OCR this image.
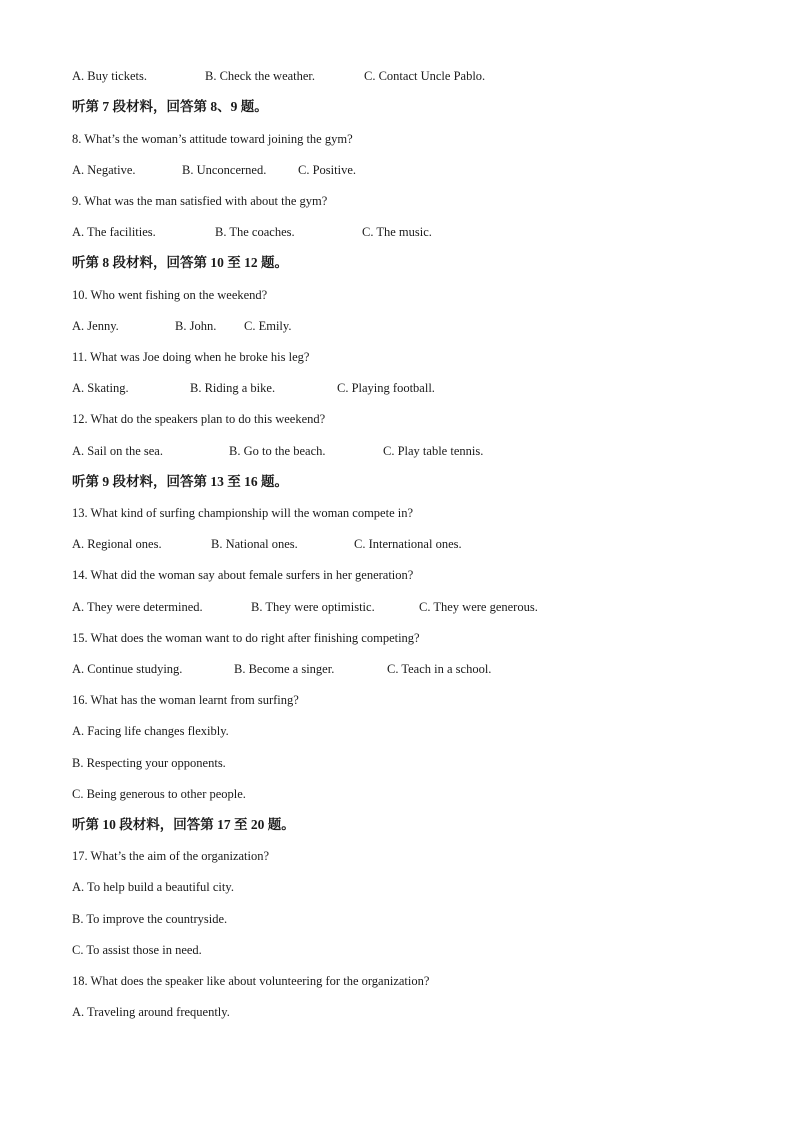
A. Buy tickets.	B. Check the weather.	C. Contact Uncle Pablo.
听第 7 段材料，回答第 8、9 题。
8. What’s the woman’s attitude toward joining the gym?
A. Negative.	B. Unconcerned.	C. Positive.
9. What was the man satisfied with about the gym?
A. The facilities.	B. The coaches.	C. The music.
听第 8 段材料，回答第 10 至 12 题。
10. Who went fishing on the weekend?
A. Jenny.	B. John. C. Emily.
11. What was Joe doing when he broke his leg?
A. Skating.	B. Riding a bike.	C. Playing football.
12. What do the speakers plan to do this weekend?
A. Sail on the sea.	B. Go to the beach.	C. Play table tennis.
听第 9 段材料，回答第 13 至 16 题。
13. What kind of surfing championship will the woman compete in?
A. Regional ones.	B. National ones.	C. International ones.
14. What did the woman say about female surfers in her generation?
A. They were determined.	B. They were optimistic.	C. They were generous.
15. What does the woman want to do right after finishing competing?
A. Continue studying.	B. Become a singer.	C. Teach in a school.
16. What has the woman learnt from surfing?
A. Facing life changes flexibly.
B. Respecting your opponents.
C. Being generous to other people.
听第 10 段材料，回答第 17 至 20 题。
17. What’s the aim of the organization?
A. To help build a beautiful city.
B. To improve the countryside.
C. To assist those in need.
18. What does the speaker like about volunteering for the organization?
A. Traveling around frequently.
